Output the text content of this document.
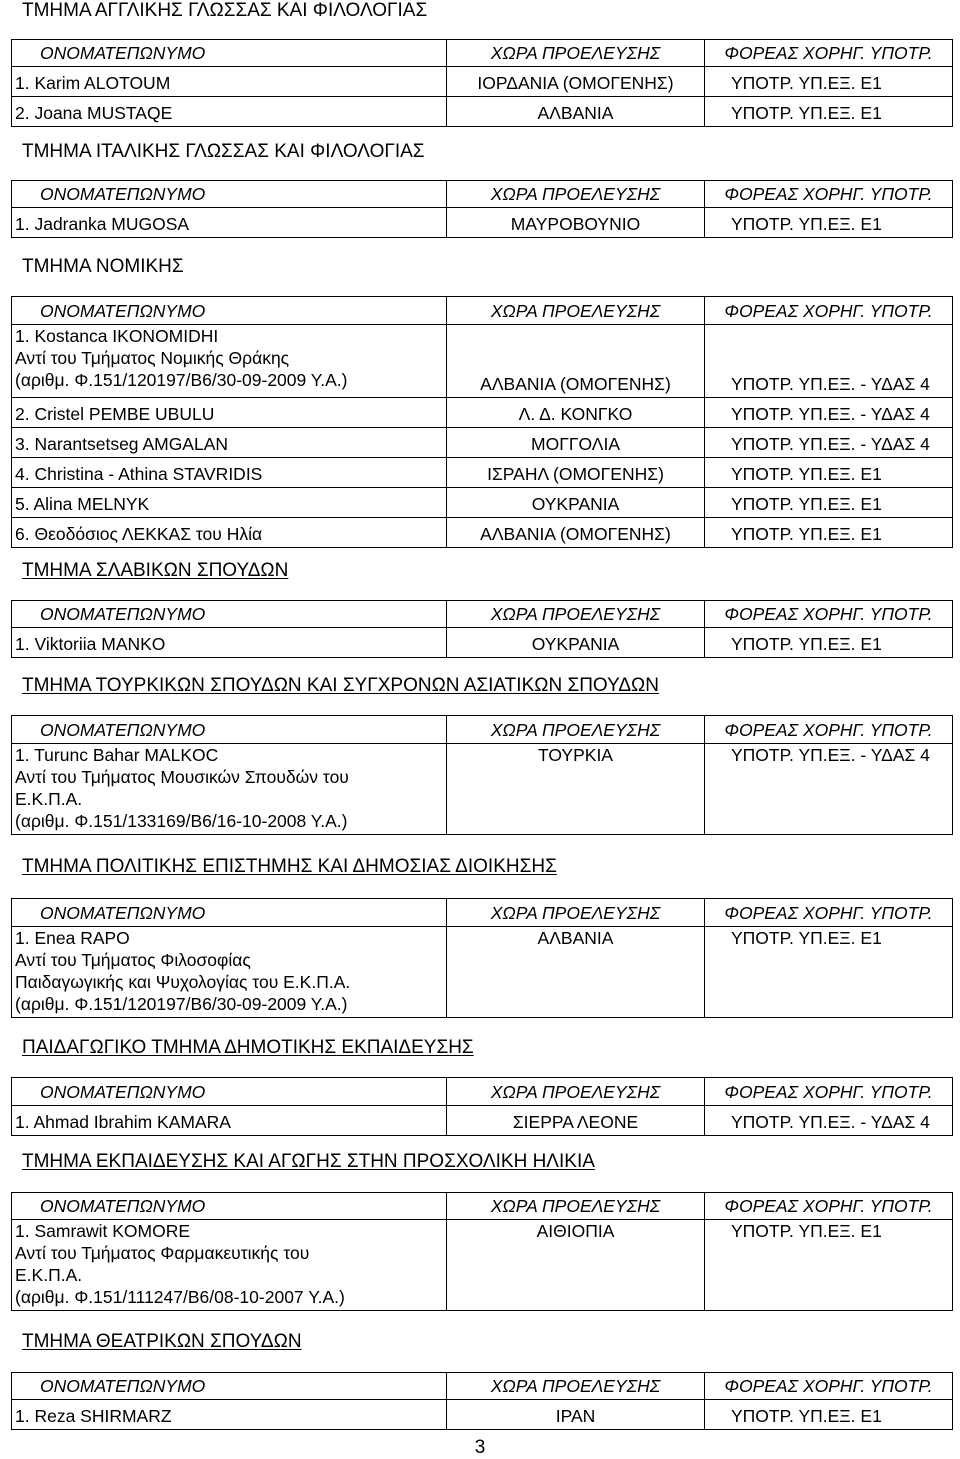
ΤΜΗΜΑ ΑΓΓΛΙΚΗΣ ΓΛΩΣΣΑΣ ΚΑΙ ΦΙΛΟΛΟΓΙΑΣ
ΟΝΟΜΑΤΕΠΩΝΥΜΟ	ΧΩΡΑ ΠΡΟΕΛΕΥΣΗΣ	ΦΟΡΕΑΣ ΧΟΡΗΓ. ΥΠΟΤΡ.
1. Karim ALOTOUM	ΙΟΡΔΑΝΙΑ (ΟΜΟΓΕΝΗΣ)	ΥΠΟΤΡ. ΥΠ.ΕΞ. Ε1
2. Joana MUSTAQE	ΑΛΒΑΝΙΑ	ΥΠΟΤΡ. ΥΠ.ΕΞ. Ε1
ΤΜΗΜΑ ΙΤΑΛΙΚΗΣ ΓΛΩΣΣΑΣ ΚΑΙ ΦΙΛΟΛΟΓΙΑΣ
ΟΝΟΜΑΤΕΠΩΝΥΜΟ	ΧΩΡΑ ΠΡΟΕΛΕΥΣΗΣ	ΦΟΡΕΑΣ ΧΟΡΗΓ. ΥΠΟΤΡ.
1. Jadranka MUGOSA	ΜΑΥΡΟΒΟΥΝΙΟ	ΥΠΟΤΡ. ΥΠ.ΕΞ. Ε1
ΤΜΗΜΑ ΝΟΜΙΚΗΣ
ΟΝΟΜΑΤΕΠΩΝΥΜΟ	ΧΩΡΑ ΠΡΟΕΛΕΥΣΗΣ	ΦΟΡΕΑΣ ΧΟΡΗΓ. ΥΠΟΤΡ.

1. Kostanca IKONOMIDHI
Αντί του Τμήματος Νομικής Θράκης
(αριθμ. Φ.151/120197/Β6/30-09-2009 Υ.Α.)	ΑΛΒΑΝΙΑ (ΟΜΟΓΕΝΗΣ)	ΥΠΟΤΡ. ΥΠ.ΕΞ. - ΥΔΑΣ 4
2. Cristel PEMBE UBULU	Λ. Δ. ΚΟΝΓΚΟ	ΥΠΟΤΡ. ΥΠ.ΕΞ. - ΥΔΑΣ 4
3. Narantsetseg AMGALAN	ΜΟΓΓΟΛΙΑ	ΥΠΟΤΡ. ΥΠ.ΕΞ. - ΥΔΑΣ 4
4. Christina - Athina STAVRIDIS	ΙΣΡΑΗΛ (ΟΜΟΓΕΝΗΣ)	ΥΠΟΤΡ. ΥΠ.ΕΞ. Ε1
5. Alina MELNYK	ΟΥΚΡΑΝΙΑ	ΥΠΟΤΡ. ΥΠ.ΕΞ. Ε1
6. Θεοδόσιος ΛΕΚΚΑΣ του Ηλία	ΑΛΒΑΝΙΑ (ΟΜΟΓΕΝΗΣ)	ΥΠΟΤΡ. ΥΠ.ΕΞ. Ε1
ΤΜΗΜΑ ΣΛΑΒΙΚΩΝ ΣΠΟΥΔΩΝ
ΟΝΟΜΑΤΕΠΩΝΥΜΟ	ΧΩΡΑ ΠΡΟΕΛΕΥΣΗΣ	ΦΟΡΕΑΣ ΧΟΡΗΓ. ΥΠΟΤΡ.
1. Viktoriia MANKO	ΟΥΚΡΑΝΙΑ	ΥΠΟΤΡ. ΥΠ.ΕΞ. Ε1
ΤΜΗΜΑ ΤΟΥΡΚΙΚΩΝ ΣΠΟΥΔΩΝ ΚΑΙ ΣΥΓΧΡΟΝΩΝ ΑΣΙΑΤΙΚΩΝ ΣΠΟΥΔΩΝ
ΟΝΟΜΑΤΕΠΩΝΥΜΟ	ΧΩΡΑ ΠΡΟΕΛΕΥΣΗΣ	ΦΟΡΕΑΣ ΧΟΡΗΓ. ΥΠΟΤΡ.

1. Turunc Bahar MALKOC
Αντί του Τμήματος Μουσικών Σπουδών του
Ε.Κ.Π.Α.
(αριθμ. Φ.151/133169/Β6/16-10-2008 Υ.Α.)	ΤΟΥΡΚΙΑ	ΥΠΟΤΡ. ΥΠ.ΕΞ. - ΥΔΑΣ 4
ΤΜΗΜΑ ΠΟΛΙΤΙΚΗΣ ΕΠΙΣΤΗΜΗΣ ΚΑΙ ΔΗΜΟΣΙΑΣ ΔΙΟΙΚΗΣΗΣ
ΟΝΟΜΑΤΕΠΩΝΥΜΟ	ΧΩΡΑ ΠΡΟΕΛΕΥΣΗΣ	ΦΟΡΕΑΣ ΧΟΡΗΓ. ΥΠΟΤΡ.

1. Enea RAPO
Αντί του Τμήματος Φιλοσοφίας
Παιδαγωγικής και Ψυχολογίας του Ε.Κ.Π.Α.
(αριθμ. Φ.151/120197/Β6/30-09-2009 Υ.Α.)	ΑΛΒΑΝΙΑ	ΥΠΟΤΡ. ΥΠ.ΕΞ. Ε1
ΠΑΙΔΑΓΩΓΙΚΟ ΤΜΗΜΑ ΔΗΜΟΤΙΚΗΣ ΕΚΠΑΙΔΕΥΣΗΣ
ΟΝΟΜΑΤΕΠΩΝΥΜΟ	ΧΩΡΑ ΠΡΟΕΛΕΥΣΗΣ	ΦΟΡΕΑΣ ΧΟΡΗΓ. ΥΠΟΤΡ.
1. Ahmad Ibrahim KAMARA	ΣΙΕΡΡΑ ΛΕΟΝΕ	ΥΠΟΤΡ. ΥΠ.ΕΞ. - ΥΔΑΣ 4
ΤΜΗΜΑ ΕΚΠΑΙΔΕΥΣΗΣ ΚΑΙ ΑΓΩΓΗΣ ΣΤΗΝ ΠΡΟΣΧΟΛΙΚΗ ΗΛΙΚΙΑ
ΟΝΟΜΑΤΕΠΩΝΥΜΟ	ΧΩΡΑ ΠΡΟΕΛΕΥΣΗΣ	ΦΟΡΕΑΣ ΧΟΡΗΓ. ΥΠΟΤΡ.

1. Samrawit KOMORE
Αντί του Τμήματος Φαρμακευτικής του
Ε.Κ.Π.Α.
(αριθμ. Φ.151/111247/Β6/08-10-2007 Υ.Α.)	ΑΙΘΙΟΠΙΑ	ΥΠΟΤΡ. ΥΠ.ΕΞ. Ε1
ΤΜΗΜΑ ΘΕΑΤΡΙΚΩΝ ΣΠΟΥΔΩΝ
ΟΝΟΜΑΤΕΠΩΝΥΜΟ	ΧΩΡΑ ΠΡΟΕΛΕΥΣΗΣ	ΦΟΡΕΑΣ ΧΟΡΗΓ. ΥΠΟΤΡ.
1. Reza SHIRMARZ	ΙΡΑΝ	ΥΠΟΤΡ. ΥΠ.ΕΞ. Ε1
3
